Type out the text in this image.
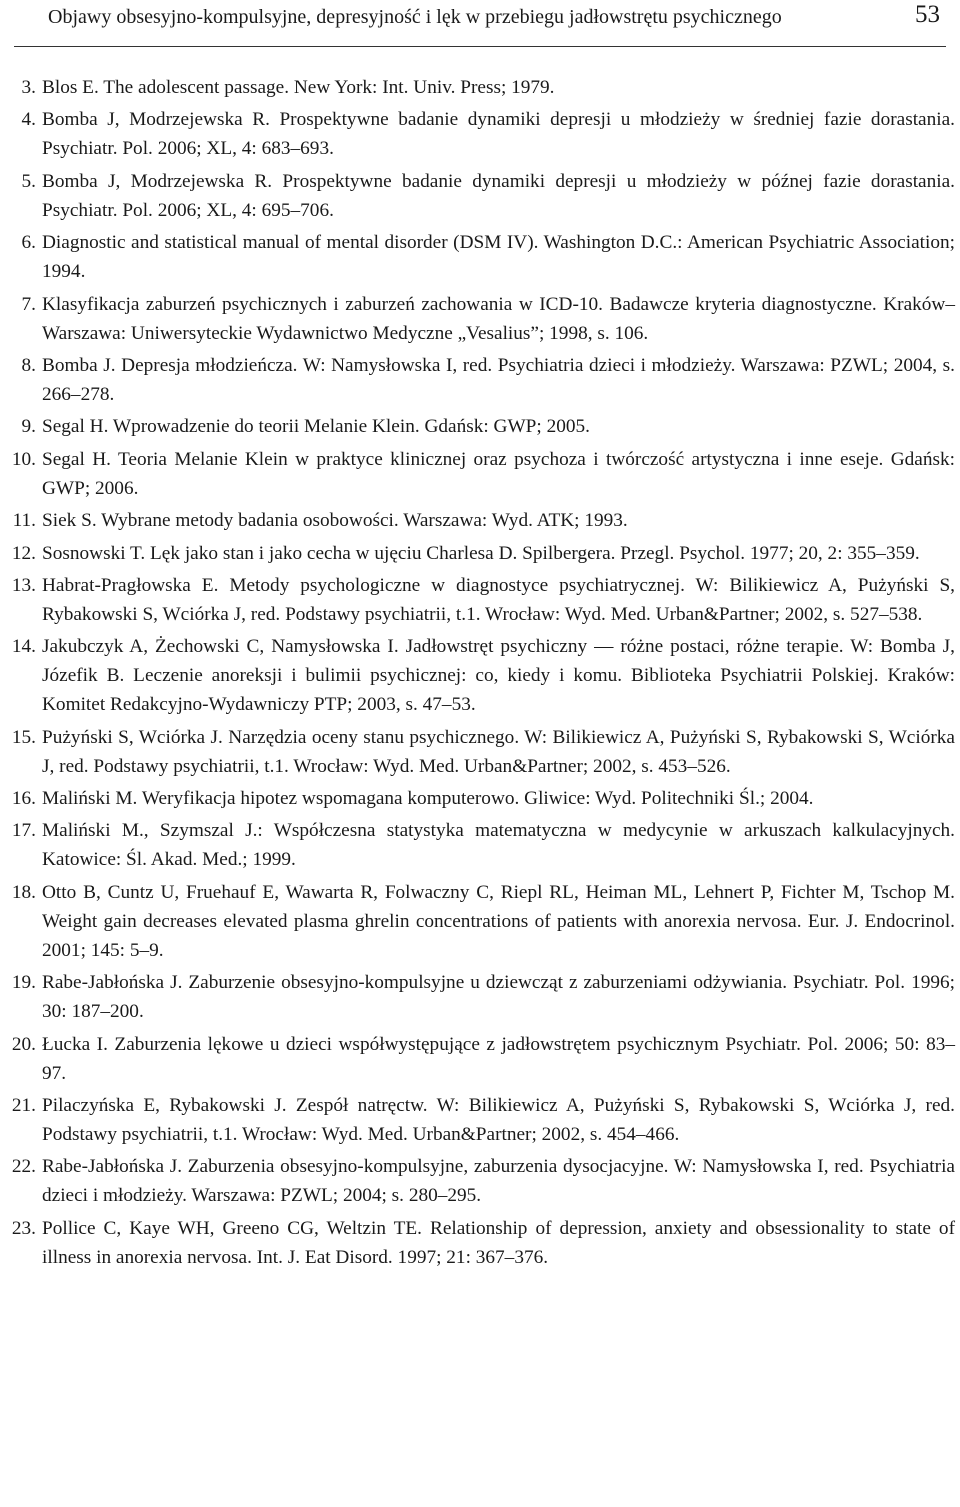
Objawy obsesyjno-kompulsyjne, depresyjność i lęk w przebiegu jadłowstrętu psychicznego	53
3. Blos E. The adolescent passage. New York: Int. Univ. Press; 1979.
4. Bomba J, Modrzejewska R. Prospektywne badanie dynamiki depresji u młodzieży w średniej fazie dorastania. Psychiatr. Pol. 2006; XL, 4: 683–693.
5. Bomba J, Modrzejewska R. Prospektywne badanie dynamiki depresji u młodzieży w późnej fazie dorastania. Psychiatr. Pol. 2006; XL, 4: 695–706.
6. Diagnostic and statistical manual of mental disorder (DSM IV). Washington D.C.: American Psychiatric Association; 1994.
7. Klasyfikacja zaburzeń psychicznych i zaburzeń zachowania w ICD-10. Badawcze kryteria diagnostyczne. Kraków–Warszawa: Uniwersyteckie Wydawnictwo Medyczne „Vesalius”; 1998, s. 106.
8. Bomba J. Depresja młodzieńcza. W: Namysłowska I, red. Psychiatria dzieci i młodzieży. Warszawa: PZWL; 2004, s. 266–278.
9. Segal H. Wprowadzenie do teorii Melanie Klein. Gdańsk: GWP; 2005.
10. Segal H. Teoria Melanie Klein w praktyce klinicznej oraz psychoza i twórczość artystyczna i inne eseje. Gdańsk: GWP; 2006.
11. Siek S. Wybrane metody badania osobowości. Warszawa: Wyd. ATK; 1993.
12. Sosnowski T. Lęk jako stan i jako cecha w ujęciu Charlesa D. Spilbergera. Przegl. Psychol. 1977; 20, 2: 355–359.
13. Habrat-Pragłowska E. Metody psychologiczne w diagnostyce psychiatrycznej. W: Bilikiewicz A, Pużyński S, Rybakowski S, Wciórka J, red. Podstawy psychiatrii, t.1. Wrocław: Wyd. Med. Urban&Partner; 2002, s. 527–538.
14. Jakubczyk A, Żechowski C, Namysłowska I. Jadłowstręt psychiczny — różne postaci, różne terapie. W: Bomba J, Józefik B. Leczenie anoreksji i bulimii psychicznej: co, kiedy i komu. Biblioteka Psychiatrii Polskiej. Kraków: Komitet Redakcyjno-Wydawniczy PTP; 2003, s. 47–53.
15. Pużyński S, Wciórka J. Narzędzia oceny stanu psychicznego. W: Bilikiewicz A, Pużyński S, Rybakowski S, Wciórka J, red. Podstawy psychiatrii, t.1. Wrocław: Wyd. Med. Urban&Partner; 2002, s. 453–526.
16. Maliński M. Weryfikacja hipotez wspomagana komputerowo. Gliwice: Wyd. Politechniki Śl.; 2004.
17. Maliński M., Szymszal J.: Współczesna statystyka matematyczna w medycynie w arkuszach kalkulacyjnych. Katowice: Śl. Akad. Med.; 1999.
18. Otto B, Cuntz U, Fruehauf E, Wawarta R, Folwaczny C, Riepl RL, Heiman ML, Lehnert P, Fichter M, Tschop M. Weight gain decreases elevated plasma ghrelin concentrations of patients with anorexia nervosa. Eur. J. Endocrinol. 2001; 145: 5–9.
19. Rabe-Jabłońska J. Zaburzenie obsesyjno-kompulsyjne u dziewcząt z zaburzeniami odżywiania. Psychiatr. Pol. 1996; 30: 187–200.
20. Łucka I. Zaburzenia lękowe u dzieci współwystępujące z jadłowstrętem psychicznym Psychiatr. Pol. 2006; 50: 83–97.
21. Pilaczyńska E, Rybakowski J. Zespół natręctw. W: Bilikiewicz A, Pużyński S, Rybakowski S, Wciórka J, red. Podstawy psychiatrii, t.1. Wrocław: Wyd. Med. Urban&Partner; 2002, s. 454–466.
22. Rabe-Jabłońska J. Zaburzenia obsesyjno-kompulsyjne, zaburzenia dysocjacyjne. W: Namysłowska I, red. Psychiatria dzieci i młodzieży. Warszawa: PZWL; 2004; s. 280–295.
23. Pollice C, Kaye WH, Greeno CG, Weltzin TE. Relationship of depression, anxiety and obsessionality to state of illness in anorexia nervosa. Int. J. Eat Disord. 1997; 21: 367–376.
